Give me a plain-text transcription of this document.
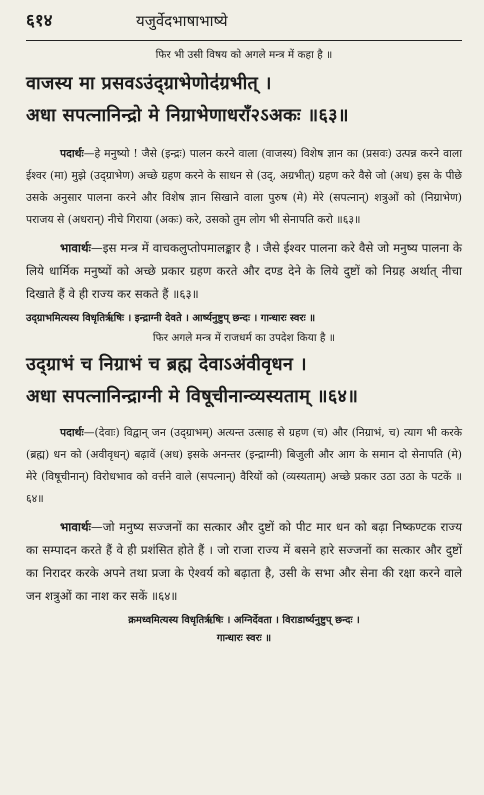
६१४	यजुर्वेदभाषाभाष्ये

फिर भी उसी विषय को अगले मन्त्र में कहा है ॥

वाजस्य मा प्रसवऽउंद्ग्राभेणोद॑ग्रभीत् ।

अधा सपत्नानिन्द्रो मे निग्राभेणाधराँ२ऽअकः ॥६३॥

पदार्थः—हे मनुष्यो ! जैसे (इन्द्रः) पालन करने वाला (वाजस्य) विशेष ज्ञान का (प्रसवः) उत्पन्न करने वाला ईश्वर (मा) मुझे (उद्ग्राभेण) अच्छे ग्रहण करने के साधन से (उद्, अग्रभीत्) ग्रहण करे वैसे जो (अध) इस के पीछे उसके अनुसार पालना करने और विशेष ज्ञान सिखाने वाला पुरुष (मे) मेरे (सपत्नान्) शत्रुओं को (निग्राभेण) पराजय से (अधरान्) नीचे गिराया (अकः) करे, उसको तुम लोग भी सेनापति करो ॥६३॥

भावार्थः—इस मन्त्र में वाचकलुप्तोपमालङ्कार है । जैसे ईश्वर पालना करे वैसे जो मनुष्य पालना के लिये धार्मिक मनुष्यों को अच्छे प्रकार ग्रहण करते और दण्ड देने के लिये दुष्टों को निग्रह अर्थात् नीचा दिखाते हैं वे ही राज्य कर सकते हैं ॥६३॥

उद्ग्राभमित्यस्य विधृतिर्ऋषिः । इन्द्राग्नी देवते । आर्ष्यनुष्टुप् छन्दः । गान्धारः स्वरः ॥

फिर अगले मन्त्र में राजधर्म का उपदेश किया है ॥

उद्ग्राभं च निग्राभं च ब्रह्म देवाऽअंवीवृधन ।

अधा सपत्नानिन्द्राग्नी मे विषूचीनान्व्यस्यताम् ॥६४॥

पदार्थः—(देवाः) विद्वान् जन (उद्ग्राभम्) अत्यन्त उत्साह से ग्रहण (च) और (निग्राभं, च) त्याग भी करके (ब्रह्म) धन को (अवीवृधन्) बढ़ावें (अध) इसके अनन्तर (इन्द्राग्नी) बिजुली और आग के समान दो सेनापति (मे) मेरे (विषूचीनान्) विरोधभाव को वर्त्तने वाले (सपत्नान्) वैरियों को (व्यस्यताम्) अच्छे प्रकार उठा उठा के पटकें ॥६४॥

भावार्थः—जो मनुष्य सज्जनों का सत्कार और दुष्टों को पीट मार धन को बढ़ा निष्कण्टक राज्य का सम्पादन करते हैं वे ही प्रशंसित होते हैं । जो राजा राज्य में बसने हारे सज्जनों का सत्कार और दुष्टों का निरादर करके अपने तथा प्रजा के ऐश्वर्य को बढ़ाता है, उसी के सभा और सेना की रक्षा करने वाले जन शत्रुओं का नाश कर सकें ॥६४॥

क्रमध्वमित्यस्य विधृतिर्ऋषिः । अग्निर्देवता । विराडार्ष्यनुष्टुप् छन्दः ।

गान्धारः स्वरः ॥
